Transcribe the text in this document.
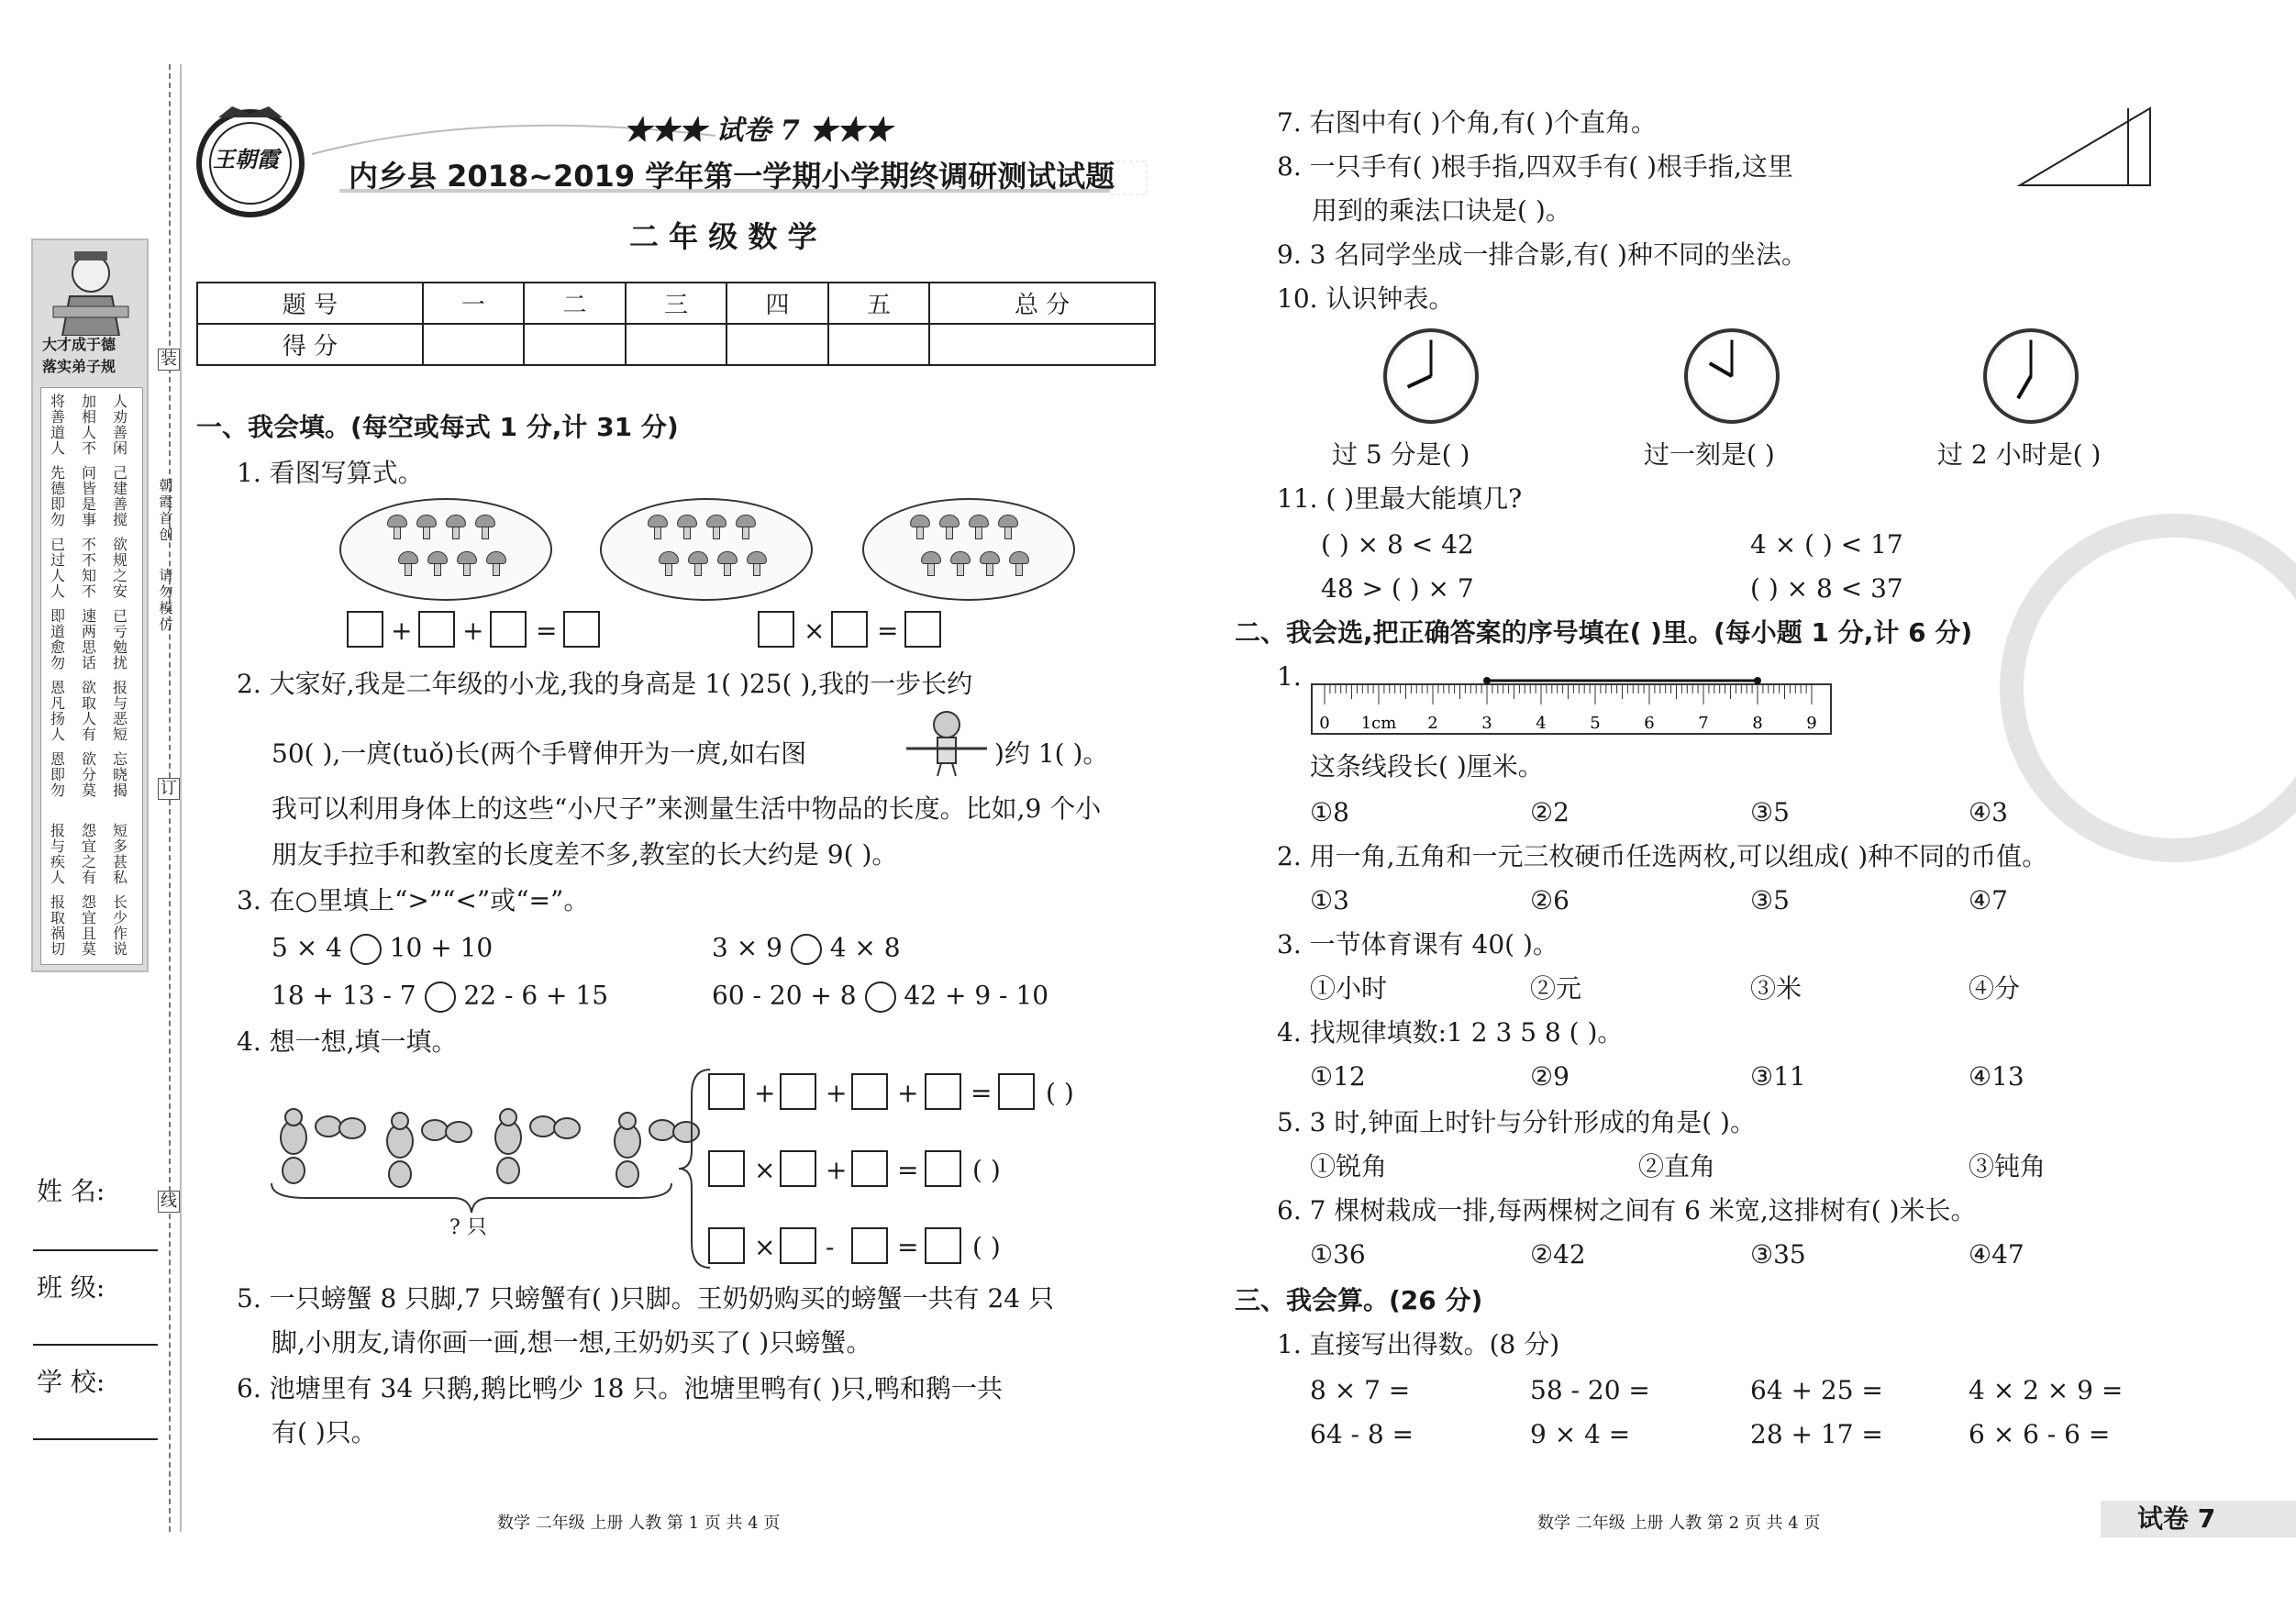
装
订
线
朝
霞
首
创
请
勿
模
仿
大才成于德
落实弟子规
将
善
道
人
加
相
人
不
人
劝
善
闲
先
德
即
勿
问
皆
是
事
己
建
善
搅
已
过
人
人
不
不
知
不
欲
规
之
安
即
道
愈
勿
速
两
思
话
已
亏
勉
扰
恩
凡
扬
人
欲
取
人
有
报
与
恶
短
恩
即
勿
欲
分
莫
忘
晓
揭
报
与
疾
人
怨
宜
之
有
短
多
甚
私
报
取
祸
切
怨
宜
且
莫
长
少
作
说
姓 名:
班 级:
学 校:
王朝霞
★★★ 试卷 7 ★★★
内乡县 2018~2019 学年第一学期小学期终调研测试试题
二 年 级 数 学
题 号	一	二	三	四	五	总 分
得 分						
一、我会填。(每空或每式 1 分,计 31 分)
1. 看图写算式。
+ + =	× =
2. 大家好,我是二年级的小龙,我的身高是 1( )25( ),我的一步长约
50( ),一庹(tuǒ)长(两个手臂伸开为一庹,如右图	)约 1( )。
我可以利用身体上的这些“小尺子”来测量生活中物品的长度。比如,9 个小
朋友手拉手和教室的长度差不多,教室的长大约是 9( )。
3. 在○里填上“>”“<”或“=”。
5 × 4 10 + 10	3 × 9 4 × 8
18 + 13 - 7 22 - 6 + 15	60 - 20 + 8 42 + 9 - 10
4. 想一想,填一填。
? 只
+ + + = ( )
× + = ( )
× - = ( )
5. 一只螃蟹 8 只脚,7 只螃蟹有( )只脚。王奶奶购买的螃蟹一共有 24 只
脚,小朋友,请你画一画,想一想,王奶奶买了( )只螃蟹。
6. 池塘里有 34 只鹅,鹅比鸭少 18 只。池塘里鸭有( )只,鸭和鹅一共
有( )只。
数学 二年级 上册 人教 第 1 页 共 4 页
7. 右图中有( )个角,有( )个直角。
8. 一只手有( )根手指,四双手有( )根手指,这里
用到的乘法口诀是( )。
9. 3 名同学坐成一排合影,有( )种不同的坐法。
10. 认识钟表。
过 5 分是( )	过一刻是( )	过 2 小时是( )
11. ( )里最大能填几?
( ) × 8 < 42	4 × ( ) < 17
48 > ( ) × 7	( ) × 8 < 37
二、我会选,把正确答案的序号填在( )里。(每小题 1 分,计 6 分)
1.
0 1cm 2	3	4	5	6	7	8	9
这条线段长( )厘米。
①8	②2	③5	④3
2. 用一角,五角和一元三枚硬币任选两枚,可以组成( )种不同的币值。
①3	②6	③5	④7
3. 一节体育课有 40( )。
①小时	②元	③米	④分
4. 找规律填数:1 2 3 5 8 ( )。
①12	②9	③11	④13
5. 3 时,钟面上时针与分针形成的角是( )。
①锐角	②直角	③钝角
6. 7 棵树栽成一排,每两棵树之间有 6 米宽,这排树有( )米长。
①36	②42	③35	④47
三、我会算。(26 分)
1. 直接写出得数。(8 分)
8 × 7 =	58 - 20 =	64 + 25 =	4 × 2 × 9 =
64 - 8 =	9 × 4 =	28 + 17 =	6 × 6 - 6 =
数学 二年级 上册 人教 第 2 页 共 4 页	试卷 7
